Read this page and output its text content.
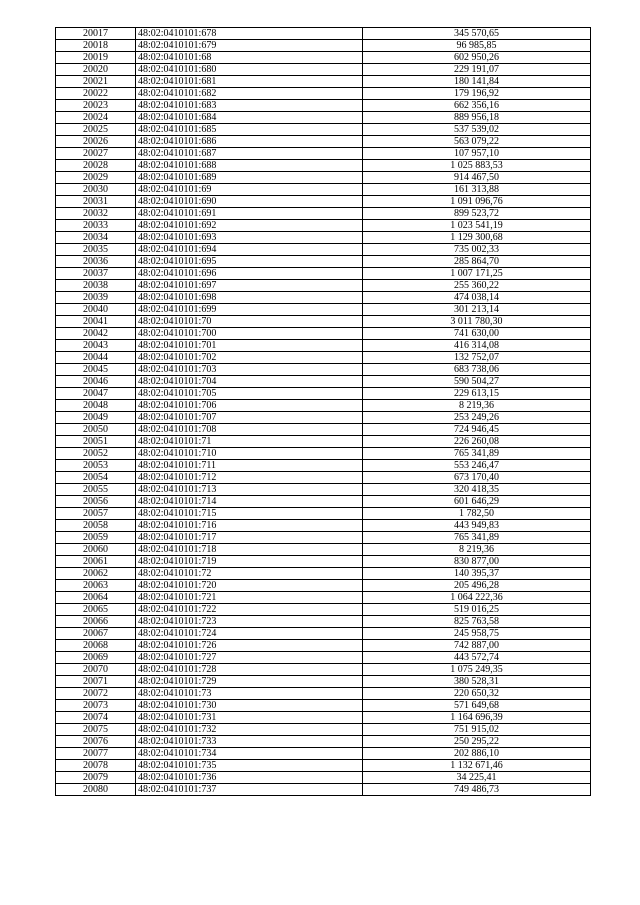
20017	48:02:0410101:678	345 570,65
20018	48:02:0410101:679	96 985,85
20019	48:02:0410101:68	602 950,26
20020	48:02:0410101:680	229 191,07
20021	48:02:0410101:681	180 141,84
20022	48:02:0410101:682	179 196,92
20023	48:02:0410101:683	662 356,16
20024	48:02:0410101:684	889 956,18
20025	48:02:0410101:685	537 539,02
20026	48:02:0410101:686	563 079,22
20027	48:02:0410101:687	107 957,10
20028	48:02:0410101:688	1 025 883,53
20029	48:02:0410101:689	914 467,50
20030	48:02:0410101:69	161 313,88
20031	48:02:0410101:690	1 091 096,76
20032	48:02:0410101:691	899 523,72
20033	48:02:0410101:692	1 023 541,19
20034	48:02:0410101:693	1 129 300,68
20035	48:02:0410101:694	735 002,33
20036	48:02:0410101:695	285 864,70
20037	48:02:0410101:696	1 007 171,25
20038	48:02:0410101:697	255 360,22
20039	48:02:0410101:698	474 038,14
20040	48:02:0410101:699	301 213,14
20041	48:02:0410101:70	3 011 780,30
20042	48:02:0410101:700	741 630,00
20043	48:02:0410101:701	416 314,08
20044	48:02:0410101:702	132 752,07
20045	48:02:0410101:703	683 738,06
20046	48:02:0410101:704	590 504,27
20047	48:02:0410101:705	229 613,15
20048	48:02:0410101:706	8 219,36
20049	48:02:0410101:707	253 249,26
20050	48:02:0410101:708	724 946,45
20051	48:02:0410101:71	226 260,08
20052	48:02:0410101:710	765 341,89
20053	48:02:0410101:711	553 246,47
20054	48:02:0410101:712	673 170,40
20055	48:02:0410101:713	320 418,35
20056	48:02:0410101:714	601 646,29
20057	48:02:0410101:715	1 782,50
20058	48:02:0410101:716	443 949,83
20059	48:02:0410101:717	765 341,89
20060	48:02:0410101:718	8 219,36
20061	48:02:0410101:719	830 877,00
20062	48:02:0410101:72	140 395,37
20063	48:02:0410101:720	205 496,28
20064	48:02:0410101:721	1 064 222,36
20065	48:02:0410101:722	519 016,25
20066	48:02:0410101:723	825 763,58
20067	48:02:0410101:724	245 958,75
20068	48:02:0410101:726	742 887,00
20069	48:02:0410101:727	443 572,74
20070	48:02:0410101:728	1 075 249,35
20071	48:02:0410101:729	380 528,31
20072	48:02:0410101:73	220 650,32
20073	48:02:0410101:730	571 649,68
20074	48:02:0410101:731	1 164 696,39
20075	48:02:0410101:732	751 915,02
20076	48:02:0410101:733	250 295,22
20077	48:02:0410101:734	202 886,10
20078	48:02:0410101:735	1 132 671,46
20079	48:02:0410101:736	34 225,41
20080	48:02:0410101:737	749 486,73
